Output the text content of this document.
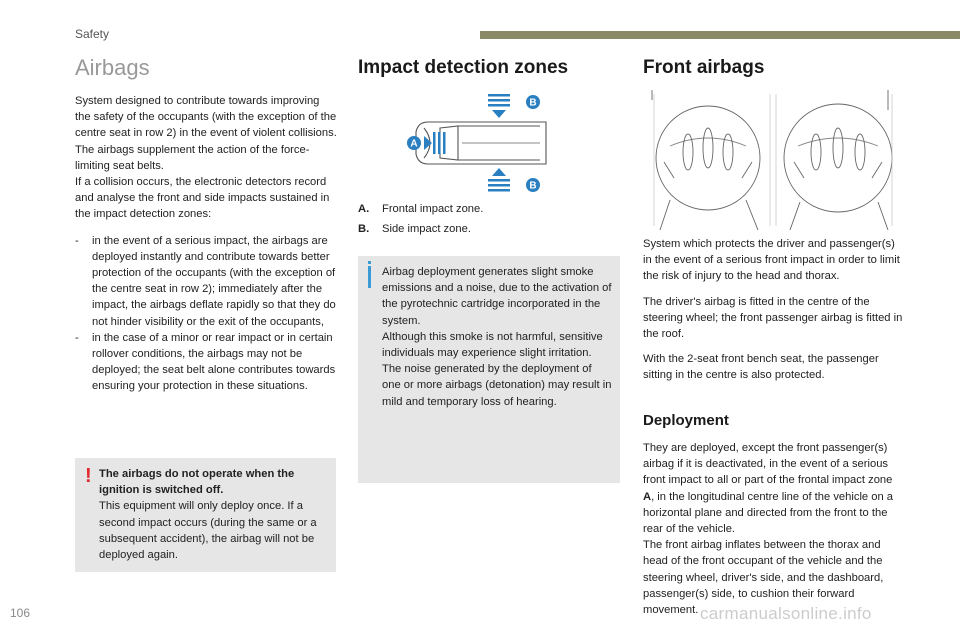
Safety
Airbags

System designed to contribute towards improving the safety of the occupants (with the exception of the centre seat in row 2) in the event of violent collisions.

The airbags supplement the action of the force-limiting seat belts.

If a collision occurs, the electronic detectors record and analyse the front and side impacts sustained in the impact detection zones:

- in the event of a serious impact, the airbags are deployed instantly and contribute towards better protection of the occupants (with the exception of the centre seat in row 2); immediately after the impact, the airbags deflate rapidly so that they do not hinder visibility or the exit of the occupants,
- in the case of a minor or rear impact or in certain rollover conditions, the airbags may not be deployed; the seat belt alone contributes towards ensuring your protection in these situations.
! The airbags do not operate when the ignition is switched off.
This equipment will only deploy once. If a second impact occurs (during the same or a subsequent accident), the airbag will not be deployed again.
Impact detection zones
A
B
B
A.	Frontal impact zone.
B.	Side impact zone.
Airbag deployment generates slight smoke emissions and a noise, due to the activation of the pyrotechnic cartridge incorporated in the system.
Although this smoke is not harmful, sensitive individuals may experience slight irritation.
The noise generated by the deployment of one or more airbags (detonation) may result in mild and temporary loss of hearing.
Front airbags

System which protects the driver and passenger(s) in the event of a serious front impact in order to limit the risk of injury to the head and thorax.

The driver's airbag is fitted in the centre of the steering wheel; the front passenger airbag is fitted in the roof.

With the 2-seat front bench seat, the passenger sitting in the centre is also protected.

Deployment
They are deployed, except the front passenger(s) airbag if it is deactivated, in the event of a serious front impact to all or part of the frontal impact zone A, in the longitudinal centre line of the vehicle on a horizontal plane and directed from the front to the rear of the vehicle.
The front airbag inflates between the thorax and head of the front occupant of the vehicle and the steering wheel, driver's side, and the dashboard, passenger(s) side, to cushion their forward movement.
106	carmanualsonline.info
